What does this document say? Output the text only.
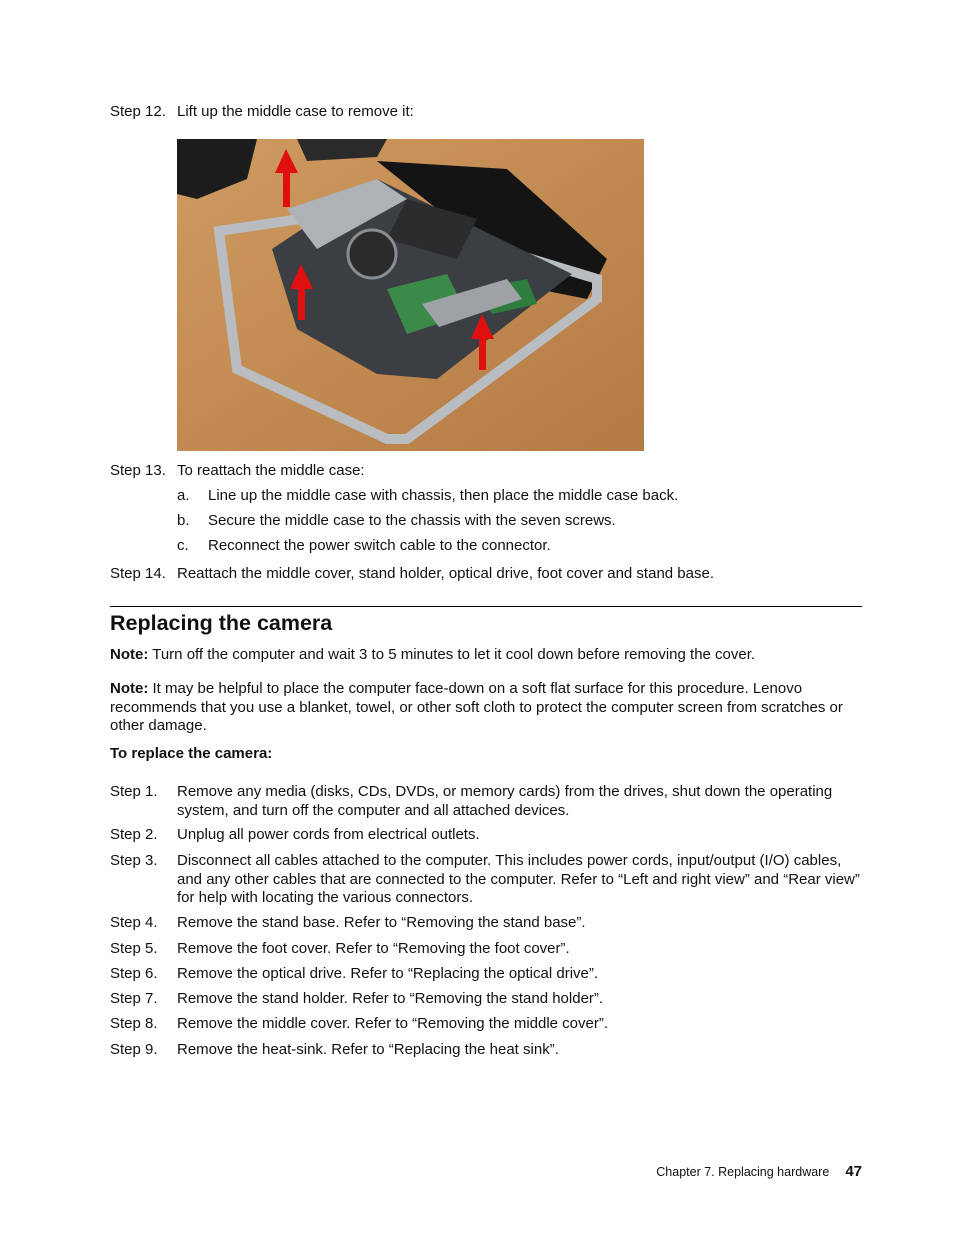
Step 12. Lift up the middle case to remove it:
Step 13. To reattach the middle case:
a. Line up the middle case with chassis, then place the middle case back.
b. Secure the middle case to the chassis with the seven screws.
c. Reconnect the power switch cable to the connector.
Step 14. Reattach the middle cover, stand holder, optical drive, foot cover and stand base.
Replacing the camera
Note: Turn off the computer and wait 3 to 5 minutes to let it cool down before removing the cover.
Note: It may be helpful to place the computer face-down on a soft flat surface for this procedure. Lenovo recommends that you use a blanket, towel, or other soft cloth to protect the computer screen from scratches or other damage.
To replace the camera:
Step 1. Remove any media (disks, CDs, DVDs, or memory cards) from the drives, shut down the operating system, and turn off the computer and all attached devices.
Step 2. Unplug all power cords from electrical outlets.
Step 3. Disconnect all cables attached to the computer. This includes power cords, input/output (I/O) cables, and any other cables that are connected to the computer. Refer to “Left and right view” and “Rear view” for help with locating the various connectors.
Step 4. Remove the stand base. Refer to “Removing the stand base”.
Step 5. Remove the foot cover. Refer to “Removing the foot cover”.
Step 6. Remove the optical drive. Refer to “Replacing the optical drive”.
Step 7. Remove the stand holder. Refer to “Removing the stand holder”.
Step 8. Remove the middle cover. Refer to “Removing the middle cover”.
Step 9. Remove the heat-sink. Refer to “Replacing the heat sink”.
Chapter 7. Replacing hardware 47
